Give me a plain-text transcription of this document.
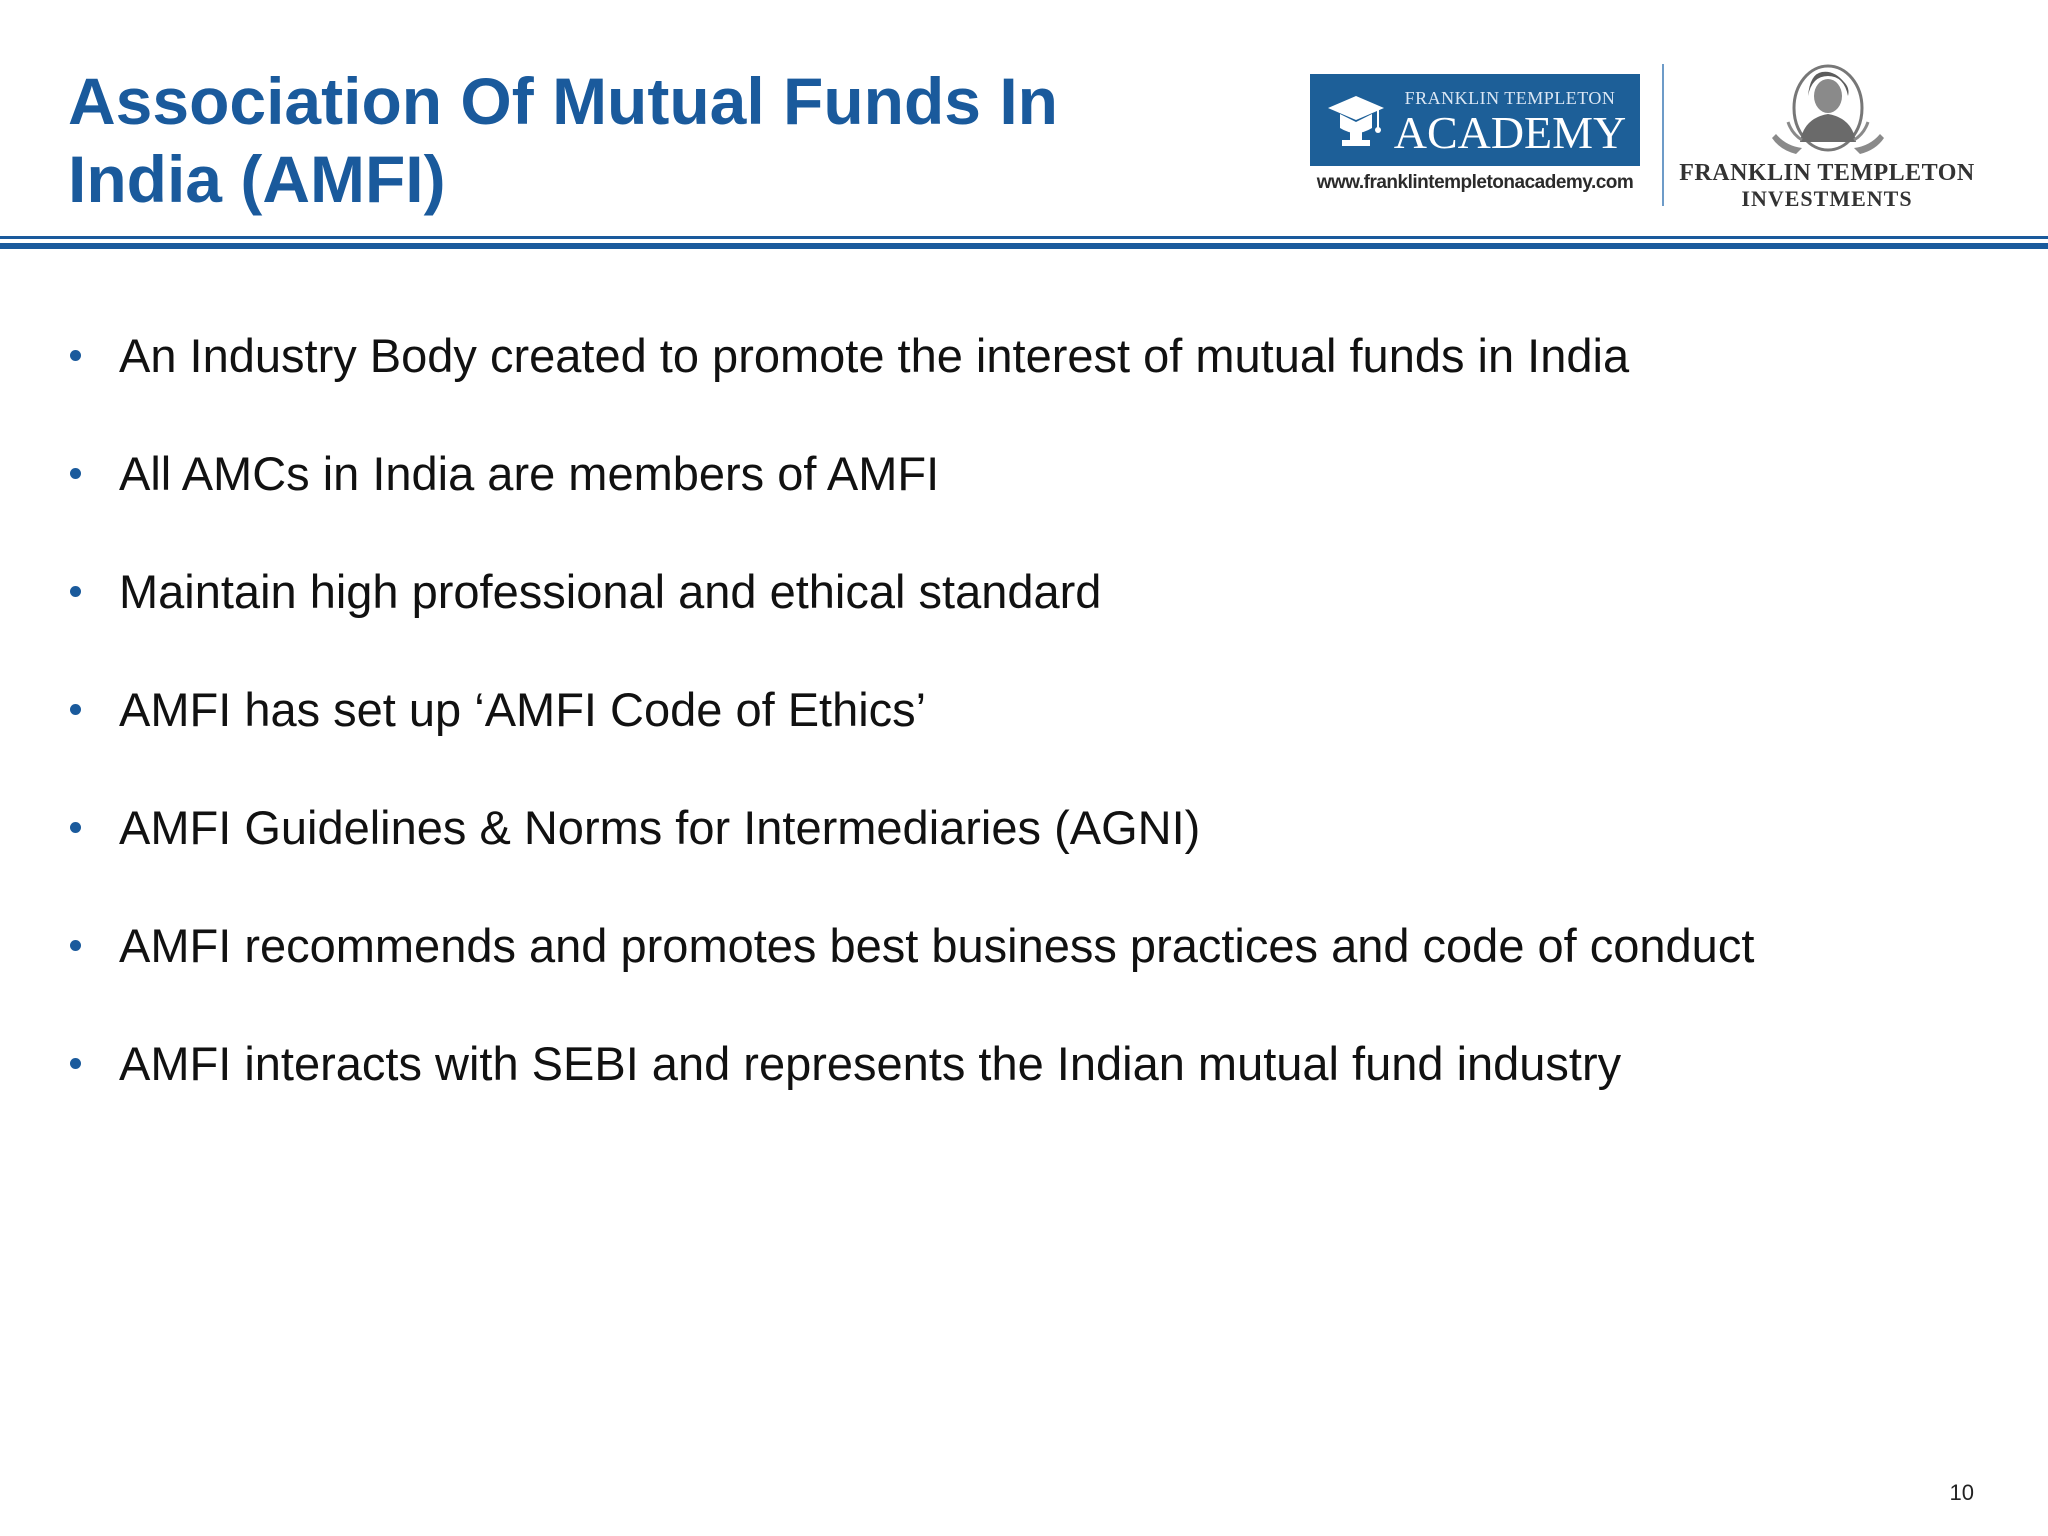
Association Of Mutual Funds In
India (AMFI)
FRANKLIN TEMPLETON
ACADEMY
www.franklintempletonacademy.com	FRANKLIN TEMPLETON
INVESTMENTS
An Industry Body created to promote the interest of mutual funds in India
All AMCs in India are members of AMFI
Maintain high professional and ethical standard
AMFI has set up ‘AMFI Code of Ethics’
AMFI Guidelines & Norms for Intermediaries (AGNI)
AMFI recommends and promotes best business practices and code of conduct
AMFI interacts with SEBI and represents the Indian mutual fund industry
10
